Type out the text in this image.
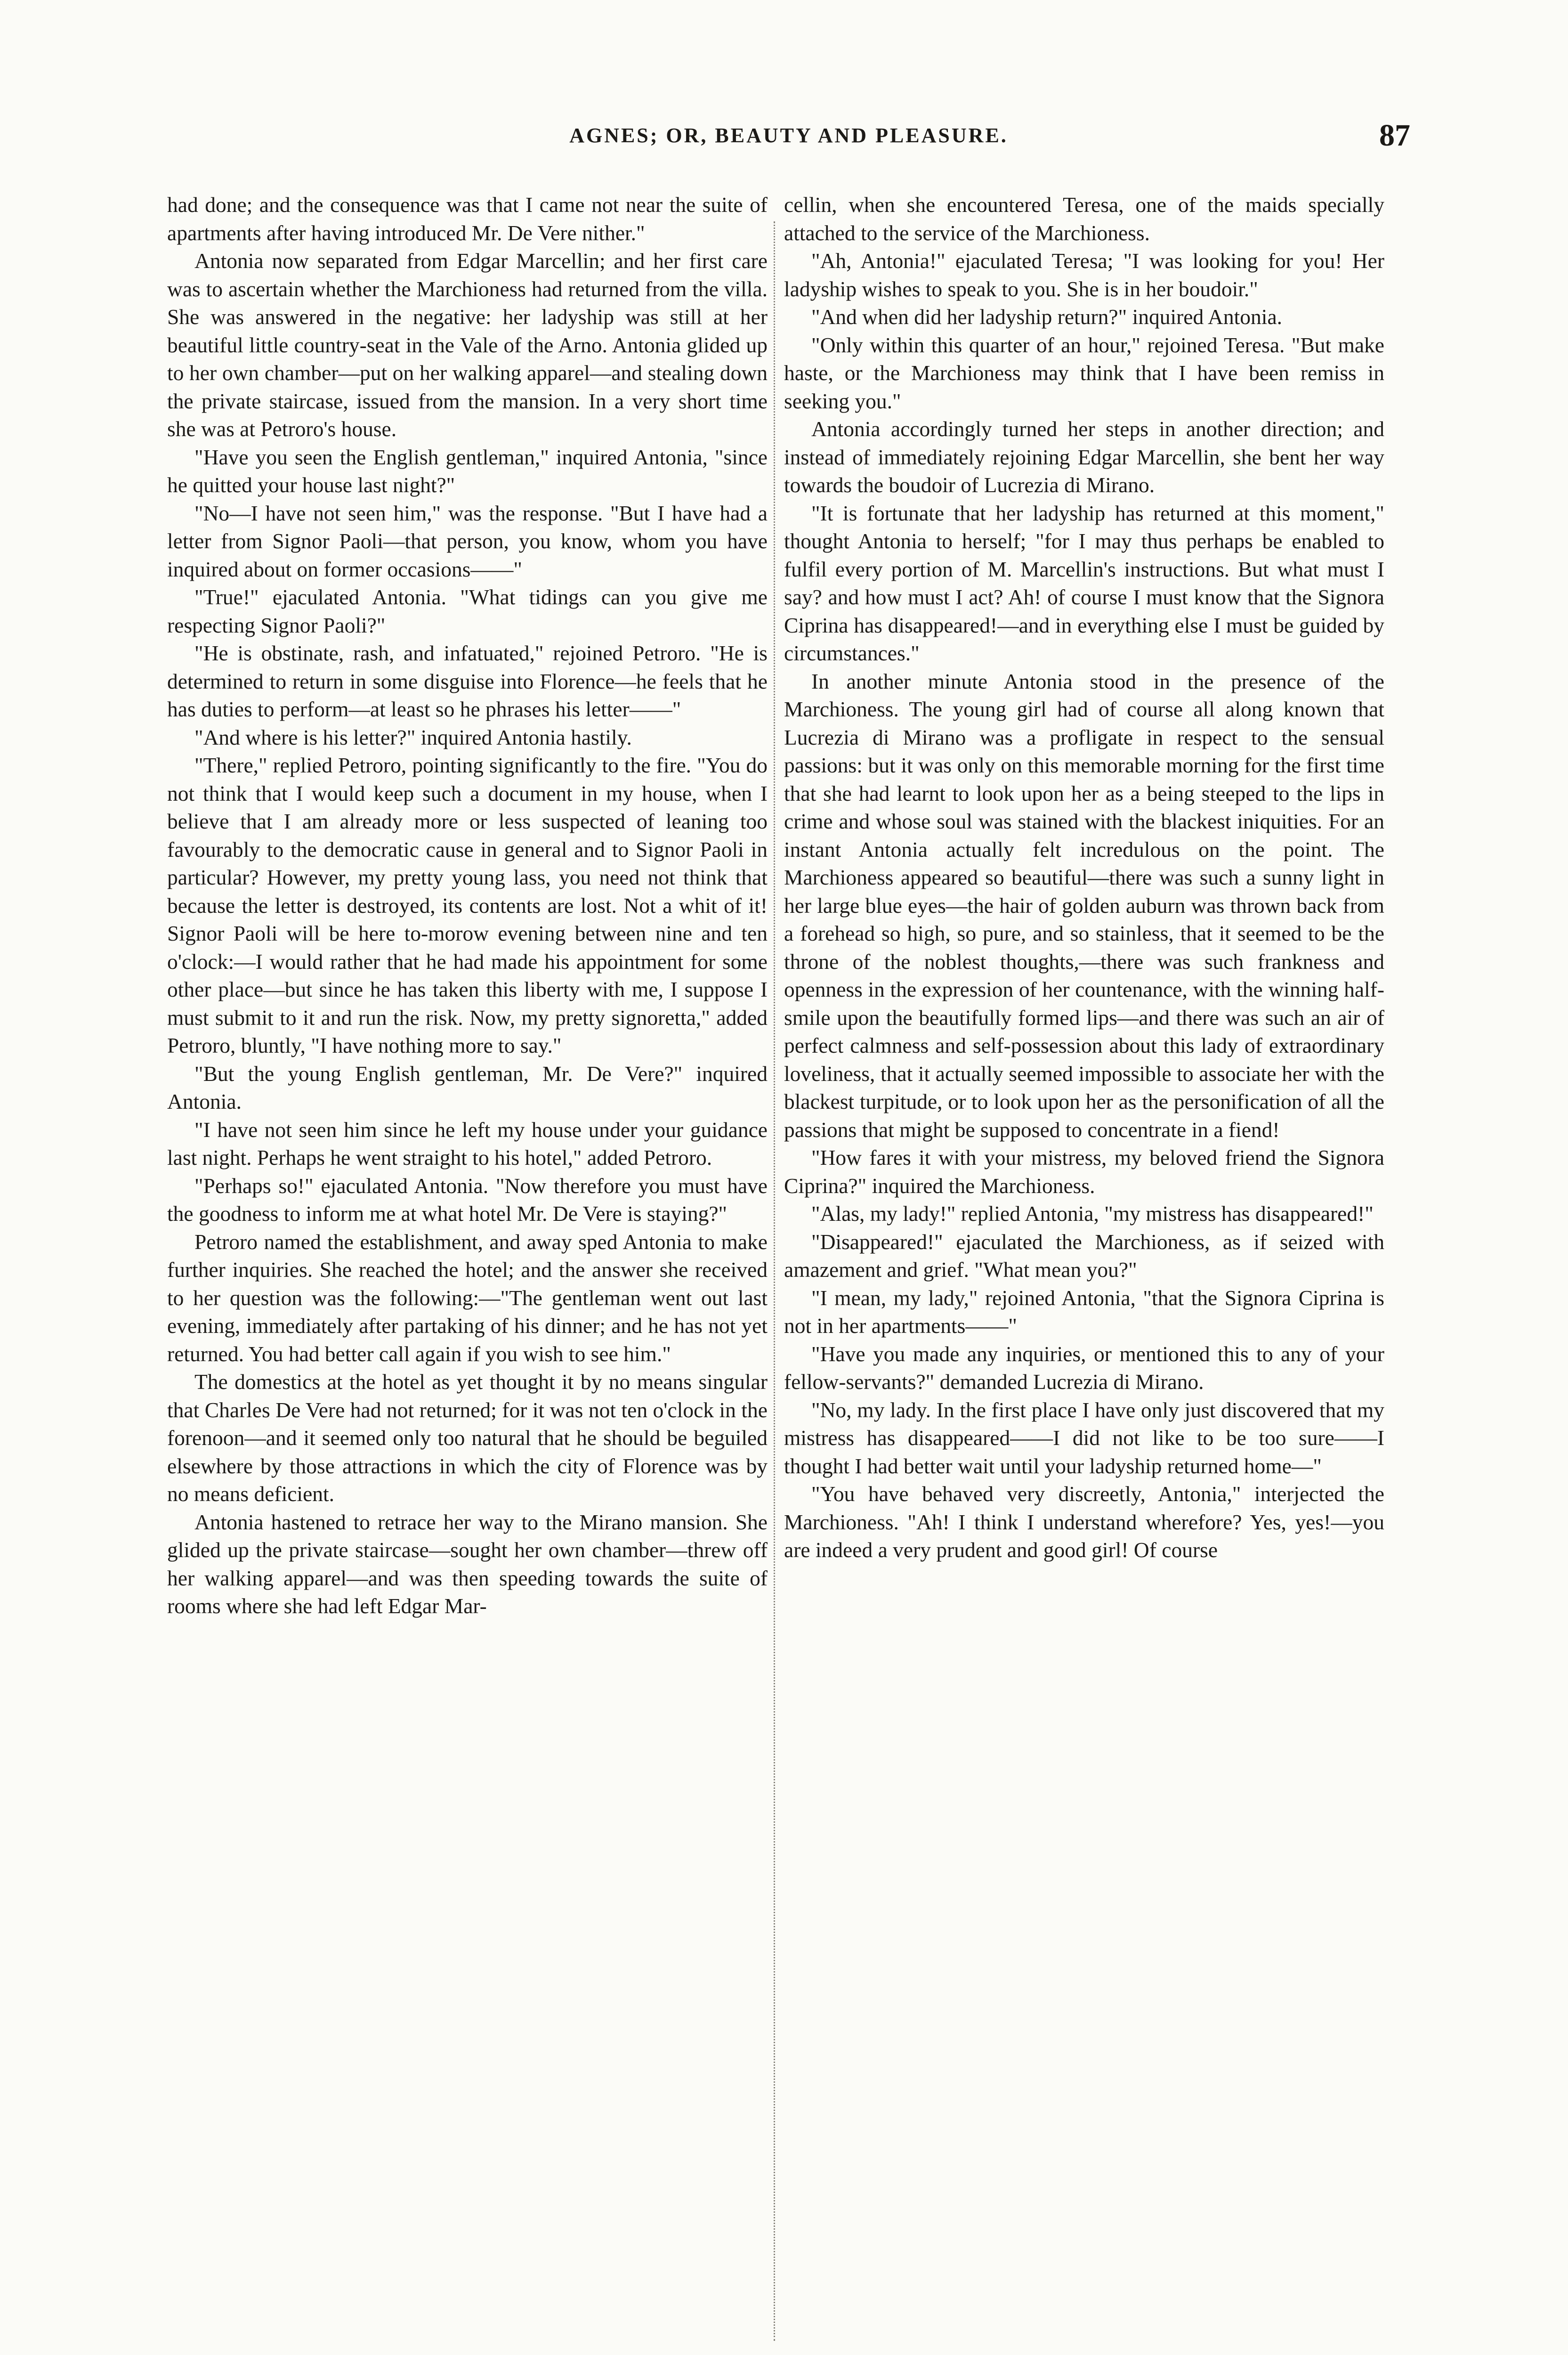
AGNES; OR, BEAUTY AND PLEASURE.	87

had done; and the consequence was that I came not near the suite of apartments after having introduced Mr. De Vere nither."

Antonia now separated from Edgar Marcellin; and her first care was to ascertain whether the Marchioness had returned from the villa. She was answered in the negative: her ladyship was still at her beautiful little country-seat in the Vale of the Arno. Antonia glided up to her own chamber—put on her walking apparel—and stealing down the private staircase, issued from the mansion. In a very short time she was at Petroro's house.

"Have you seen the English gentleman," inquired Antonia, "since he quitted your house last night?"

"No—I have not seen him," was the response. "But I have had a letter from Signor Paoli—that person, you know, whom you have inquired about on former occasions——"

"True!" ejaculated Antonia. "What tidings can you give me respecting Signor Paoli?"

"He is obstinate, rash, and infatuated," rejoined Petroro. "He is determined to return in some disguise into Florence—he feels that he has duties to perform—at least so he phrases his letter——"

"And where is his letter?" inquired Antonia hastily.

"There," replied Petroro, pointing significantly to the fire. "You do not think that I would keep such a document in my house, when I believe that I am already more or less suspected of leaning too favourably to the democratic cause in general and to Signor Paoli in particular? However, my pretty young lass, you need not think that because the letter is destroyed, its contents are lost. Not a whit of it! Signor Paoli will be here to-morow evening between nine and ten o'clock:—I would rather that he had made his appointment for some other place—but since he has taken this liberty with me, I suppose I must submit to it and run the risk. Now, my pretty signoretta," added Petroro, bluntly, "I have nothing more to say."

"But the young English gentleman, Mr. De Vere?" inquired Antonia.

"I have not seen him since he left my house under your guidance last night. Perhaps he went straight to his hotel," added Petroro.

"Perhaps so!" ejaculated Antonia. "Now therefore you must have the goodness to inform me at what hotel Mr. De Vere is staying?"

Petroro named the establishment, and away sped Antonia to make further inquiries. She reached the hotel; and the answer she received to her question was the following:—"The gentleman went out last evening, immediately after partaking of his dinner; and he has not yet returned. You had better call again if you wish to see him."

The domestics at the hotel as yet thought it by no means singular that Charles De Vere had not returned; for it was not ten o'clock in the forenoon—and it seemed only too natural that he should be beguiled elsewhere by those attractions in which the city of Florence was by no means deficient.

Antonia hastened to retrace her way to the Mirano mansion. She glided up the private staircase—sought her own chamber—threw off her walking apparel—and was then speeding towards the suite of rooms where she had left Edgar Mar-

cellin, when she encountered Teresa, one of the maids specially attached to the service of the Marchioness.

"Ah, Antonia!" ejaculated Teresa; "I was looking for you! Her ladyship wishes to speak to you. She is in her boudoir."

"And when did her ladyship return?" inquired Antonia.

"Only within this quarter of an hour," rejoined Teresa. "But make haste, or the Marchioness may think that I have been remiss in seeking you."

Antonia accordingly turned her steps in another direction; and instead of immediately rejoining Edgar Marcellin, she bent her way towards the boudoir of Lucrezia di Mirano.

"It is fortunate that her ladyship has returned at this moment," thought Antonia to herself; "for I may thus perhaps be enabled to fulfil every portion of M. Marcellin's instructions. But what must I say? and how must I act? Ah! of course I must know that the Signora Ciprina has disappeared!—and in everything else I must be guided by circumstances."

In another minute Antonia stood in the presence of the Marchioness. The young girl had of course all along known that Lucrezia di Mirano was a profligate in respect to the sensual passions: but it was only on this memorable morning for the first time that she had learnt to look upon her as a being steeped to the lips in crime and whose soul was stained with the blackest iniquities. For an instant Antonia actually felt incredulous on the point. The Marchioness appeared so beautiful—there was such a sunny light in her large blue eyes—the hair of golden auburn was thrown back from a forehead so high, so pure, and so stainless, that it seemed to be the throne of the noblest thoughts,—there was such frankness and openness in the expression of her countenance, with the winning half-smile upon the beautifully formed lips—and there was such an air of perfect calmness and self-possession about this lady of extraordinary loveliness, that it actually seemed impossible to associate her with the blackest turpitude, or to look upon her as the personification of all the passions that might be supposed to concentrate in a fiend!

"How fares it with your mistress, my beloved friend the Signora Ciprina?" inquired the Marchioness.

"Alas, my lady!" replied Antonia, "my mistress has disappeared!"

"Disappeared!" ejaculated the Marchioness, as if seized with amazement and grief. "What mean you?"

"I mean, my lady," rejoined Antonia, "that the Signora Ciprina is not in her apartments——"

"Have you made any inquiries, or mentioned this to any of your fellow-servants?" demanded Lucrezia di Mirano.

"No, my lady. In the first place I have only just discovered that my mistress has disappeared——I did not like to be too sure——I thought I had better wait until your ladyship returned home—"

"You have behaved very discreetly, Antonia," interjected the Marchioness. "Ah! I think I understand wherefore? Yes, yes!—you are indeed a very prudent and good girl! Of course
